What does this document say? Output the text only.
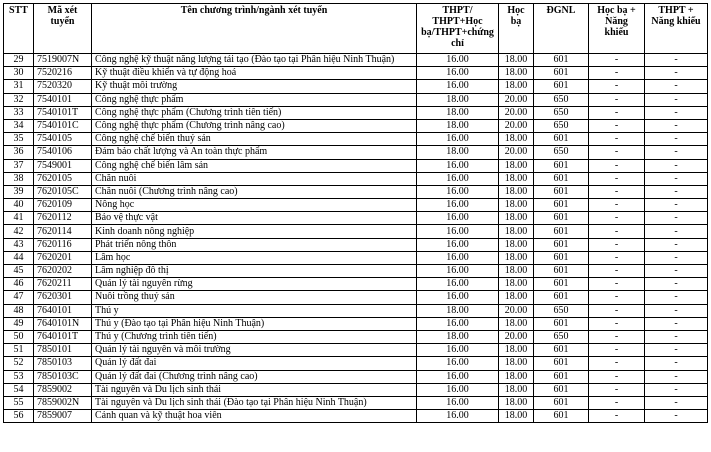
STT	Mã xét tuyển	Tên chương trình/ngành xét tuyển	THPT/ THPT+Học bạ/THPT+chứng chỉ	Học bạ	ĐGNL	Học bạ + Năng khiếu	THPT + Năng khiếu
29	7519007N	Công nghệ kỹ thuật năng lượng tái tạo (Đào tạo tại Phân hiệu Ninh Thuận)	16.00	18.00	601	-	-
30	7520216	Kỹ thuật điều khiển và tự động hoá	16.00	18.00	601	-	-
31	7520320	Kỹ thuật môi trường	16.00	18.00	601	-	-
32	7540101	Công nghệ thực phẩm	18.00	20.00	650	-	-
33	7540101T	Công nghệ thực phẩm (Chương trình tiên tiến)	18.00	20.00	650	-	-
34	7540101C	Công nghệ thực phẩm (Chương trình nâng cao)	18.00	20.00	650	-	-
35	7540105	Công nghệ chế biến thuỷ sản	16.00	18.00	601	-	-
36	7540106	Đảm bảo chất lượng và An toàn thực phẩm	18.00	20.00	650	-	-
37	7549001	Công nghệ chế biến lâm sản	16.00	18.00	601	-	-
38	7620105	Chăn nuôi	16.00	18.00	601	-	-
39	7620105C	Chăn nuôi (Chương trình nâng cao)	16.00	18.00	601	-	-
40	7620109	Nông học	16.00	18.00	601	-	-
41	7620112	Bảo vệ thực vật	16.00	18.00	601	-	-
42	7620114	Kinh doanh nông nghiệp	16.00	18.00	601	-	-
43	7620116	Phát triển nông thôn	16.00	18.00	601	-	-
44	7620201	Lâm học	16.00	18.00	601	-	-
45	7620202	Lâm nghiệp đô thị	16.00	18.00	601	-	-
46	7620211	Quản lý tài nguyên rừng	16.00	18.00	601	-	-
47	7620301	Nuôi trồng thuỷ sản	16.00	18.00	601	-	-
48	7640101	Thú y	18.00	20.00	650	-	-
49	7640101N	Thú y (Đào tạo tại Phân hiệu Ninh Thuận)	16.00	18.00	601	-	-
50	7640101T	Thú y (Chương trình tiên tiến)	18.00	20.00	650	-	-
51	7850101	Quản lý tài nguyên và môi trường	16.00	18.00	601	-	-
52	7850103	Quản lý đất đai	16.00	18.00	601	-	-
53	7850103C	Quản lý đất đai (Chương trình nâng cao)	16.00	18.00	601	-	-
54	7859002	Tài nguyên và Du lịch sinh thái	16.00	18.00	601	-	-
55	7859002N	Tài nguyên và Du lịch sinh thái (Đào tạo tại Phân hiệu Ninh Thuận)	16.00	18.00	601	-	-
56	7859007	Cảnh quan và kỹ thuật hoa viên	16.00	18.00	601	-	-
